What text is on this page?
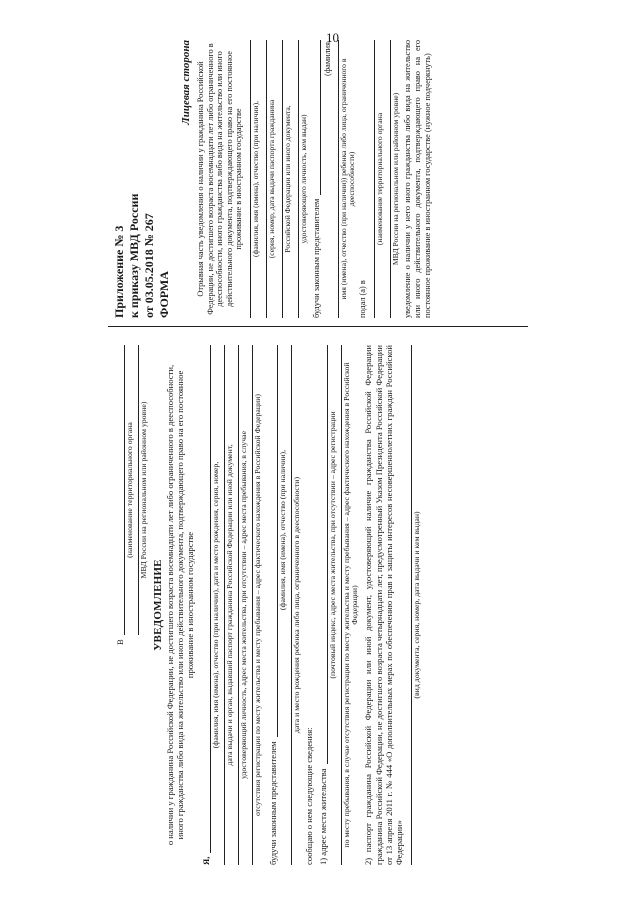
10
В
(наименование территориального органа МВД России на региональном или районном уровне)
УВЕДОМЛЕНИЕ о наличии у гражданина Российской Федерации, не достигшего возраста восемнадцати лет либо ограниченного в дееспособности, иного гражданства либо вида на жительство или иного действительного документа, подтверждающего право на его постоянное проживание в иностранном государстве
Я,
(фамилия, имя (имена), отчество (при наличии), дата и место рождения, серия, номер, дата выдачи и орган, выдавший паспорт гражданина Российской Федерации или иной документ, удостоверяющий личность, адрес места жительства, при отсутствии – адрес места пребывания, в случае отсутствия регистрации по месту жительства и месту пребывания – адрес фактического нахождения в Российской Федерации) будучи законным представителем
(фамилия, имя (имена), отчество (при наличии), дата и место рождения ребенка либо лица, ограниченного в дееспособности)
сообщаю о нем следующие сведения: 1) адрес места жительства
(почтовый индекс, адрес места жительства, при отсутствии – адрес регистрации по месту пребывания, в случае отсутствия регистрации по месту жительства и месту пребывания – адрес фактического нахождения в Российской Федерации) 2) паспорт гражданина Российской Федерации или иной документ, удостоверяющий наличие гражданства Российской Федерации гражданина Российской Федерации, не достигшего возраста четырнадцати лет, предусмотренный Указом Президента Российской Федерации от 13 апреля 2011 г. № 444 «О дополнительных мерах по обеспечению прав и защиты интересов несовершеннолетних граждан Российской Федерации»
(вид документа, серия, номер, дата выдачи и кем выдан)

Приложение № 3 к приказу МВД России от 03.05.2018 № 267 ФОРМА

Лицевая сторона Отрывная часть уведомления о наличии у гражданина Российской Федерации, не достигшего возраста восемнадцати лет либо ограниченного в дееспособности, иного гражданства либо вида на жительство или иного действительного документа, подтверждающего право на его постоянное проживание в иностранном государстве (фамилия, имя (имена), отчество (при наличии), (серия, номер, дата выдачи паспорта гражданина Российской Федерации или иного документа, удостоверяющего личность, кем выдан)
будучи законным представителем
(фамилия,
имя (имена), отчество (при наличии)) ребенка либо лица, ограниченного в дееспособности)
подал (а) в
(наименование территориального органа МВД России на региональном или районном уровне) уведомление о наличии у него иного гражданства либо вида на жительство или иного действительного документа, подтверждающего право на его постоянное проживание в иностранном государстве (нужное подчеркнуть)
